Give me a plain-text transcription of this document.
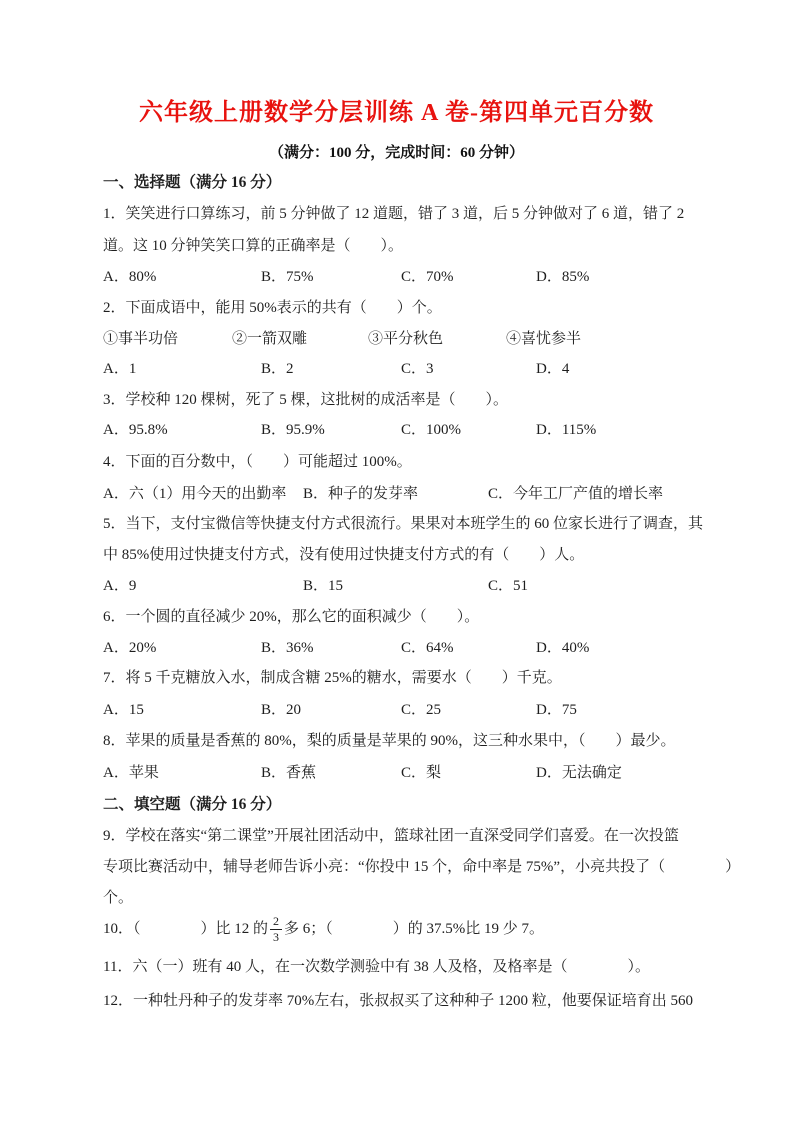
六年级上册数学分层训练 A 卷-第四单元百分数
（满分：100 分，完成时间：60 分钟）
一、选择题（满分 16 分）
1．笑笑进行口算练习，前 5 分钟做了 12 道题，错了 3 道，后 5 分钟做对了 6 道，错了 2
道。这 10 分钟笑笑口算的正确率是（　　）。
A．80%	B．75%	C．70%	D．85%
2．下面成语中，能用 50%表示的共有（　　）个。
①事半功倍	②一箭双雕	③平分秋色	④喜忧参半
A．1	B．2	C．3	D．4
3．学校种 120 棵树，死了 5 棵，这批树的成活率是（　　）。
A．95.8%	B．95.9%	C．100%	D．115%
4．下面的百分数中，（　　）可能超过 100%。
A．六（1）用今天的出勤率 B．种子的发芽率	C．今年工厂产值的增长率
5．当下，支付宝微信等快捷支付方式很流行。果果对本班学生的 60 位家长进行了调查，其
中 85%使用过快捷支付方式，没有使用过快捷支付方式的有（　　）人。
A．9	B．15	C．51
6．一个圆的直径减少 20%，那么它的面积减少（　　）。
A．20%	B．36%	C．64%	D．40%
7．将 5 千克糖放入水，制成含糖 25%的糖水，需要水（　　）千克。
A．15	B．20	C．25	D．75
8．苹果的质量是香蕉的 80%，梨的质量是苹果的 90%，这三种水果中，（　　）最少。
A．苹果	B．香蕉	C．梨	D．无法确定
二、填空题（满分 16 分）
9．学校在落实“第二课堂”开展社团活动中，篮球社团一直深受同学们喜爱。在一次投篮
专项比赛活动中，辅导老师告诉小亮：“你投中 15 个，命中率是 75%”，小亮共投了（　　　　）
个。
10．（　　　　）比 12 的 $\frac{2}{3}$ 多 6；（　　　　）的 37.5%比 19 少 7。
11．六（一）班有 40 人，在一次数学测验中有 38 人及格，及格率是（　　　　）。
12．一种牡丹种子的发芽率 70%左右，张叔叔买了这种种子 1200 粒，他要保证培育出 560
